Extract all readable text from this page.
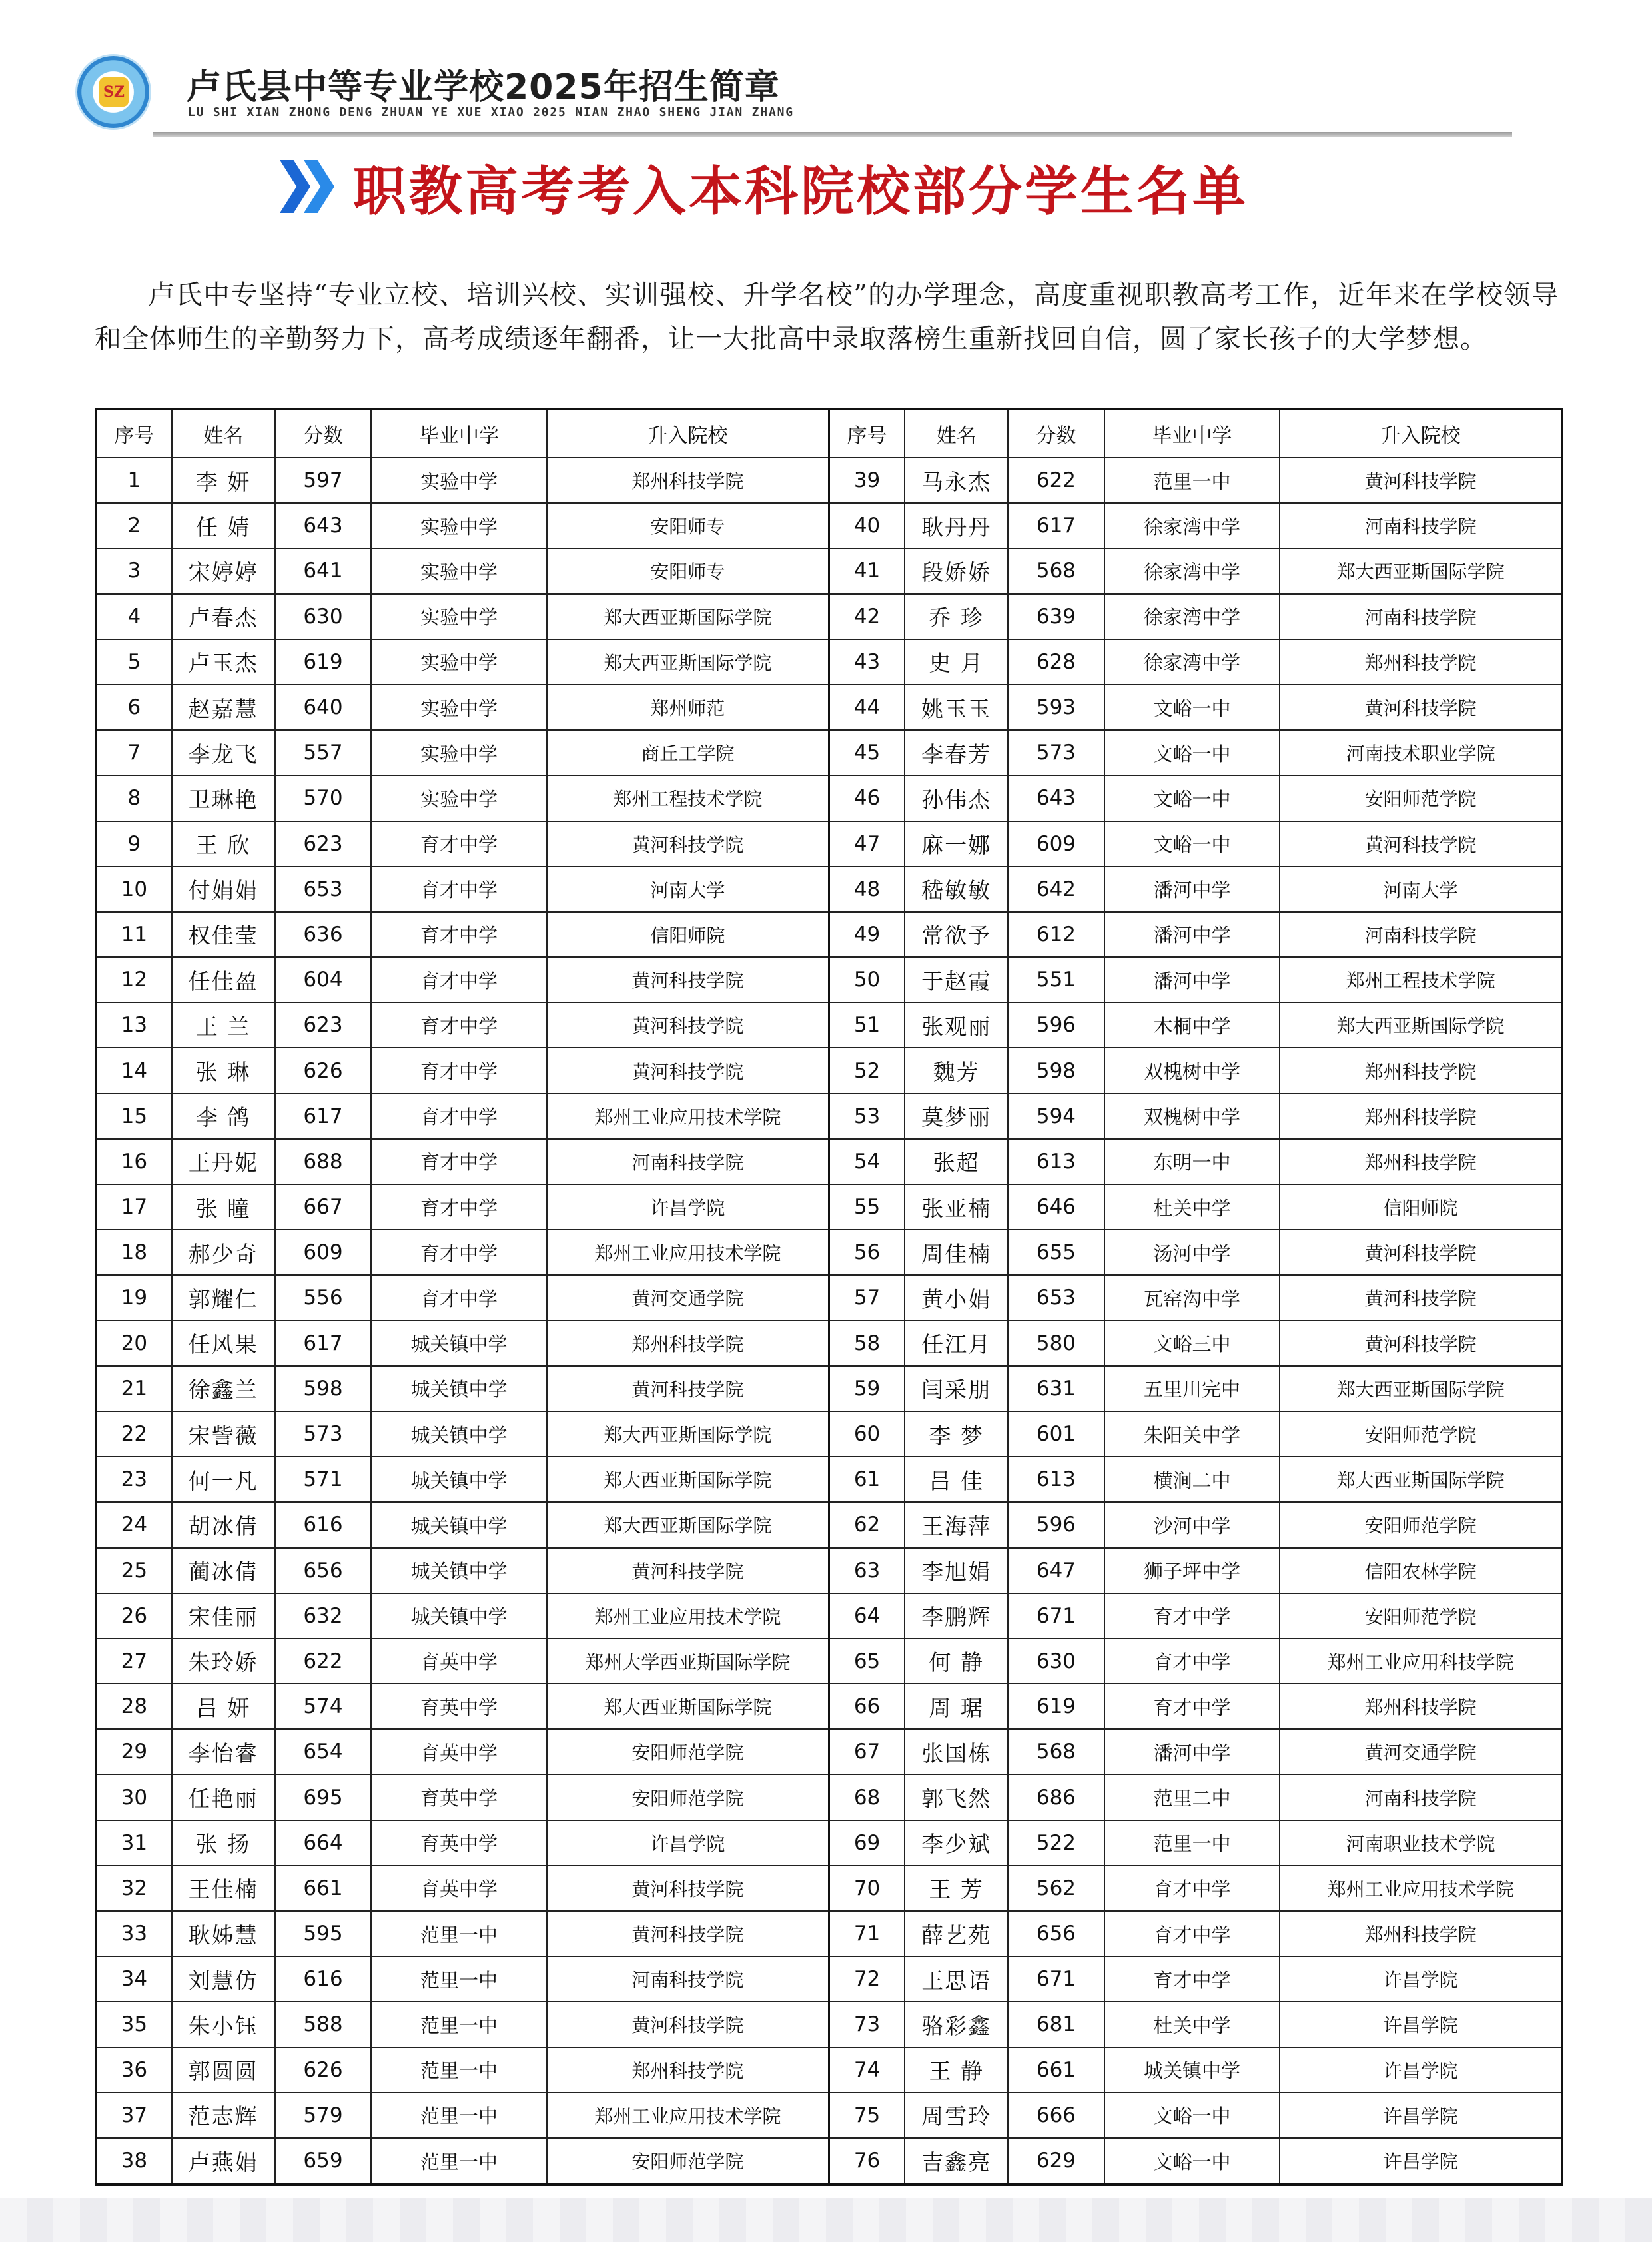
SZ 卢氏县中等专业学校2025年招生简章
LU SHI XIAN ZHONG DENG ZHUAN YE XUE XIAO 2025 NIAN ZHAO SHENG JIAN ZHANG
职教高考考入本科院校部分学生名单

卢氏中专坚持“专业立校、培训兴校、实训强校、升学名校”的办学理念，高度重视职教高考工作，近年来在学校领导和全体师生的辛勤努力下，高考成绩逐年翻番，让一大批高中录取落榜生重新找回自信，圆了家长孩子的大学梦想。

序号	姓名	分数	毕业中学	升入院校	序号	姓名	分数	毕业中学	升入院校
1	李 妍	597	实验中学	郑州科技学院	39	马永杰	622	范里一中	黄河科技学院
2	任 婧	643	实验中学	安阳师专	40	耿丹丹	617	徐家湾中学	河南科技学院
3	宋婷婷	641	实验中学	安阳师专	41	段娇娇	568	徐家湾中学	郑大西亚斯国际学院
4	卢春杰	630	实验中学	郑大西亚斯国际学院	42	乔 珍	639	徐家湾中学	河南科技学院
5	卢玉杰	619	实验中学	郑大西亚斯国际学院	43	史 月	628	徐家湾中学	郑州科技学院
6	赵嘉慧	640	实验中学	郑州师范	44	姚玉玉	593	文峪一中	黄河科技学院
7	李龙飞	557	实验中学	商丘工学院	45	李春芳	573	文峪一中	河南技术职业学院
8	卫琳艳	570	实验中学	郑州工程技术学院	46	孙伟杰	643	文峪一中	安阳师范学院
9	王 欣	623	育才中学	黄河科技学院	47	麻一娜	609	文峪一中	黄河科技学院
10	付娟娟	653	育才中学	河南大学	48	嵇敏敏	642	潘河中学	河南大学
11	权佳莹	636	育才中学	信阳师院	49	常欲予	612	潘河中学	河南科技学院
12	任佳盈	604	育才中学	黄河科技学院	50	于赵霞	551	潘河中学	郑州工程技术学院
13	王 兰	623	育才中学	黄河科技学院	51	张观丽	596	木桐中学	郑大西亚斯国际学院
14	张 琳	626	育才中学	黄河科技学院	52	魏芳	598	双槐树中学	郑州科技学院
15	李 鸽	617	育才中学	郑州工业应用技术学院	53	莫梦丽	594	双槐树中学	郑州科技学院
16	王丹妮	688	育才中学	河南科技学院	54	张超	613	东明一中	郑州科技学院
17	张 瞳	667	育才中学	许昌学院	55	张亚楠	646	杜关中学	信阳师院
18	郝少奇	609	育才中学	郑州工业应用技术学院	56	周佳楠	655	汤河中学	黄河科技学院
19	郭耀仁	556	育才中学	黄河交通学院	57	黄小娟	653	瓦窑沟中学	黄河科技学院
20	任风果	617	城关镇中学	郑州科技学院	58	任江月	580	文峪三中	黄河科技学院
21	徐鑫兰	598	城关镇中学	黄河科技学院	59	闫采朋	631	五里川完中	郑大西亚斯国际学院
22	宋訾薇	573	城关镇中学	郑大西亚斯国际学院	60	李 梦	601	朱阳关中学	安阳师范学院
23	何一凡	571	城关镇中学	郑大西亚斯国际学院	61	吕 佳	613	横涧二中	郑大西亚斯国际学院
24	胡冰倩	616	城关镇中学	郑大西亚斯国际学院	62	王海萍	596	沙河中学	安阳师范学院
25	蔺冰倩	656	城关镇中学	黄河科技学院	63	李旭娟	647	狮子坪中学	信阳农林学院
26	宋佳丽	632	城关镇中学	郑州工业应用技术学院	64	李鹏辉	671	育才中学	安阳师范学院
27	朱玲娇	622	育英中学	郑州大学西亚斯国际学院	65	何 静	630	育才中学	郑州工业应用科技学院
28	吕 妍	574	育英中学	郑大西亚斯国际学院	66	周 琚	619	育才中学	郑州科技学院
29	李怡睿	654	育英中学	安阳师范学院	67	张国栋	568	潘河中学	黄河交通学院
30	任艳丽	695	育英中学	安阳师范学院	68	郭飞然	686	范里二中	河南科技学院
31	张 扬	664	育英中学	许昌学院	69	李少斌	522	范里一中	河南职业技术学院
32	王佳楠	661	育英中学	黄河科技学院	70	王 芳	562	育才中学	郑州工业应用技术学院
33	耿姊慧	595	范里一中	黄河科技学院	71	薛艺苑	656	育才中学	郑州科技学院
34	刘慧仿	616	范里一中	河南科技学院	72	王思语	671	育才中学	许昌学院
35	朱小钰	588	范里一中	黄河科技学院	73	骆彩鑫	681	杜关中学	许昌学院
36	郭圆圆	626	范里一中	郑州科技学院	74	王 静	661	城关镇中学	许昌学院
37	范志辉	579	范里一中	郑州工业应用技术学院	75	周雪玲	666	文峪一中	许昌学院
38	卢燕娟	659	范里一中	安阳师范学院	76	吉鑫亮	629	文峪一中	许昌学院
